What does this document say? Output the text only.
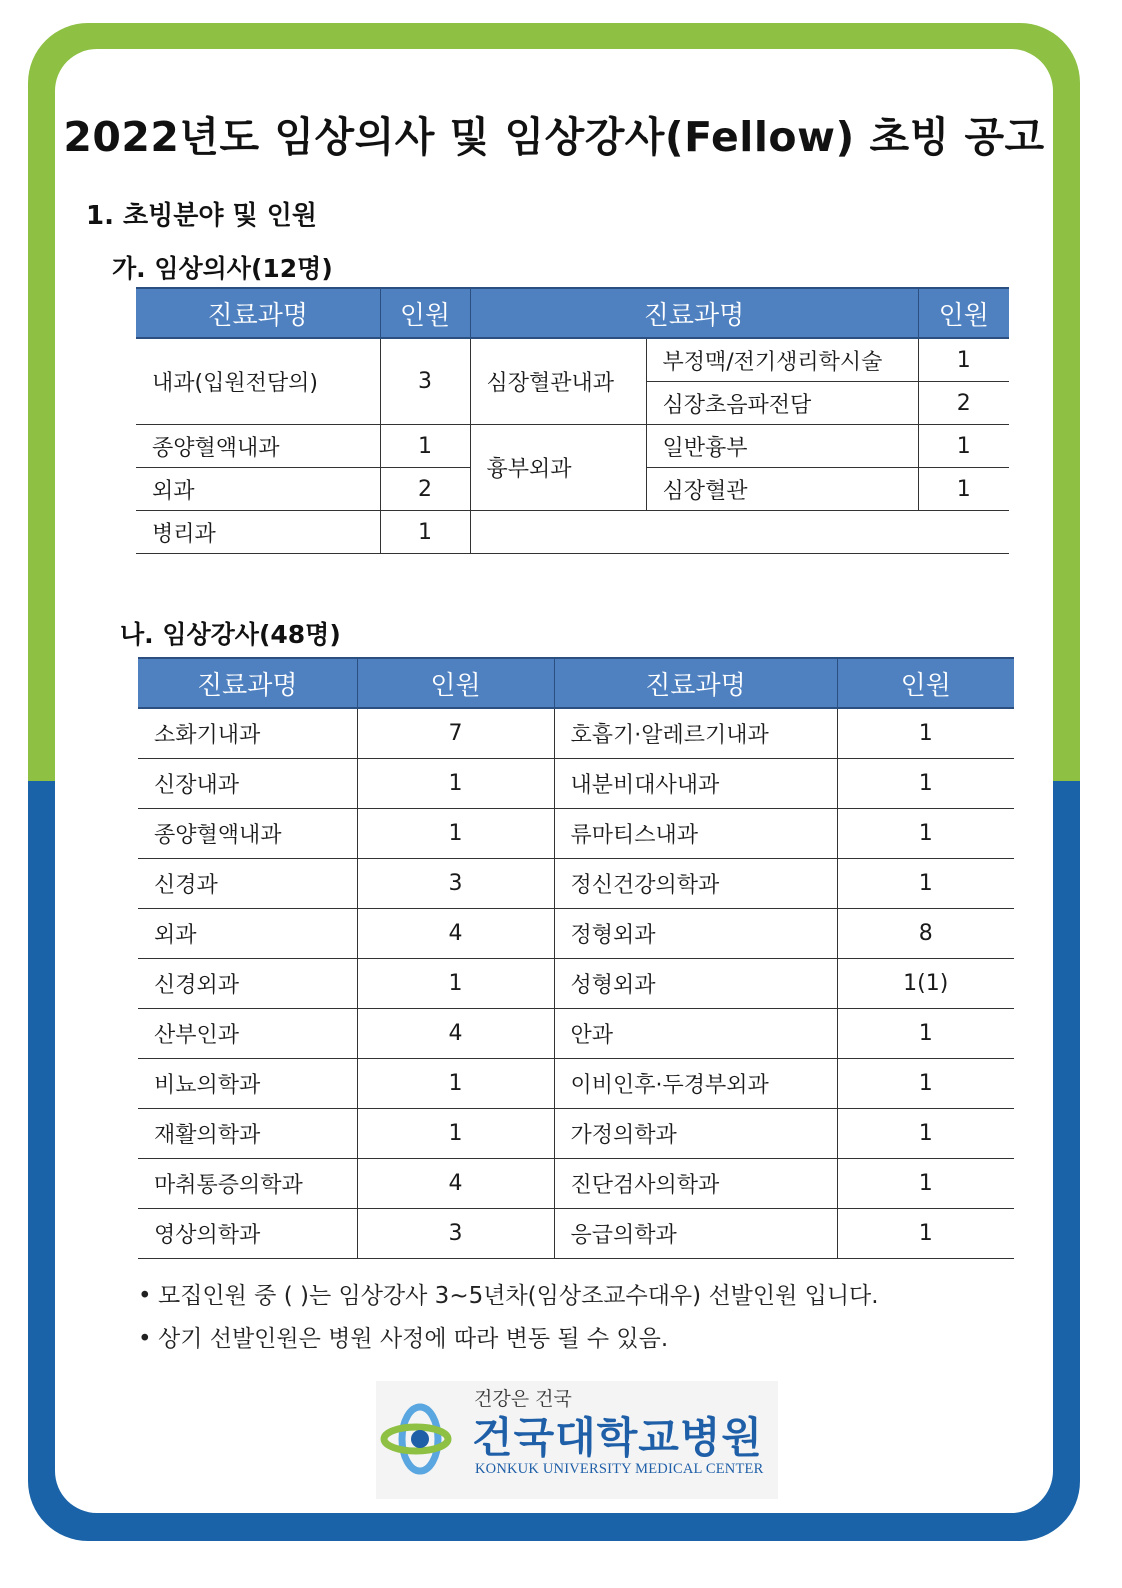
2022년도 임상의사 및 임상강사(Fellow) 초빙 공고
1. 초빙분야 및 인원
가. 임상의사(12명)
진료과명	인원	진료과명		인원
내과(입원전담의)	3	심장혈관내과	부정맥/전기생리학시술	1
			심장초음파전담	2
종양혈액내과	1	흉부외과	일반흉부	1
외과	2		심장혈관	1
병리과	1			
나. 임상강사(48명)
진료과명	인원	진료과명	인원
소화기내과	7	호흡기·알레르기내과	1
신장내과	1	내분비대사내과	1
종양혈액내과	1	류마티스내과	1
신경과	3	정신건강의학과	1
외과	4	정형외과	8
신경외과	1	성형외과	1(1)
산부인과	4	안과	1
비뇨의학과	1	이비인후·두경부외과	1
재활의학과	1	가정의학과	1
마취통증의학과	4	진단검사의학과	1
영상의학과	3	응급의학과	1
• 모집인원 중 ( )는 임상강사 3~5년차(임상조교수대우) 선발인원 입니다.
• 상기 선발인원은 병원 사정에 따라 변동 될 수 있음.
건강은 건국
건국대학교병원
KONKUK UNIVERSITY MEDICAL CENTER
